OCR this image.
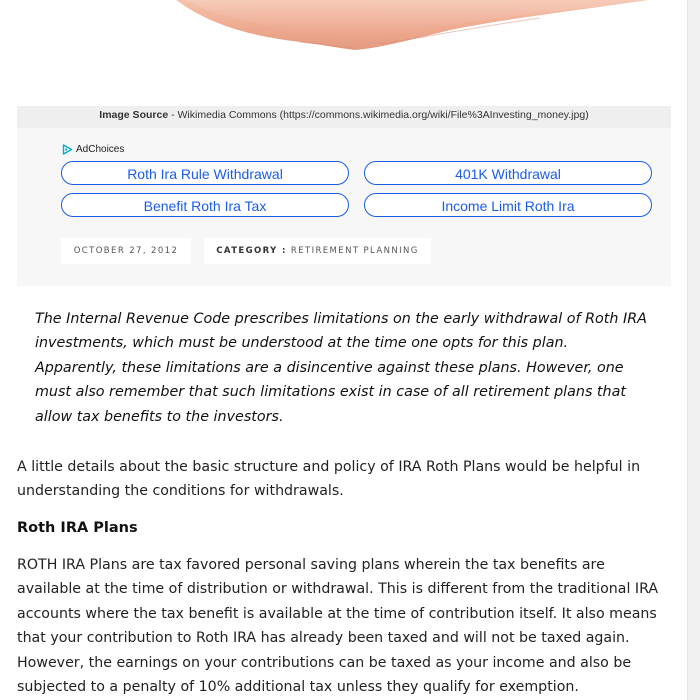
Image Source - Wikimedia Commons (https://commons.wikimedia.org/wiki/File%3AInvesting_money.jpg)
AdChoices
Roth Ira Rule Withdrawal	401K Withdrawal
Benefit Roth Ira Tax	Income Limit Roth Ira
OCTOBER 27, 2012	CATEGORY : RETIREMENT PLANNING

The Internal Revenue Code prescribes limitations on the early withdrawal of Roth IRA investments, which must be understood at the time one opts for this plan. Apparently, these limitations are a disincentive against these plans. However, one must also remember that such limitations exist in case of all retirement plans that allow tax benefits to the investors.

A little details about the basic structure and policy of IRA Roth Plans would be helpful in understanding the conditions for withdrawals.

Roth IRA Plans

ROTH IRA Plans are tax favored personal saving plans wherein the tax benefits are available at the time of distribution or withdrawal. This is different from the traditional IRA accounts where the tax benefit is available at the time of contribution itself. It also means that your contribution to Roth IRA has already been taxed and will not be taxed again. However, the earnings on your contributions can be taxed as your income and also be subjected to a penalty of 10% additional tax unless they qualify for exemption.
